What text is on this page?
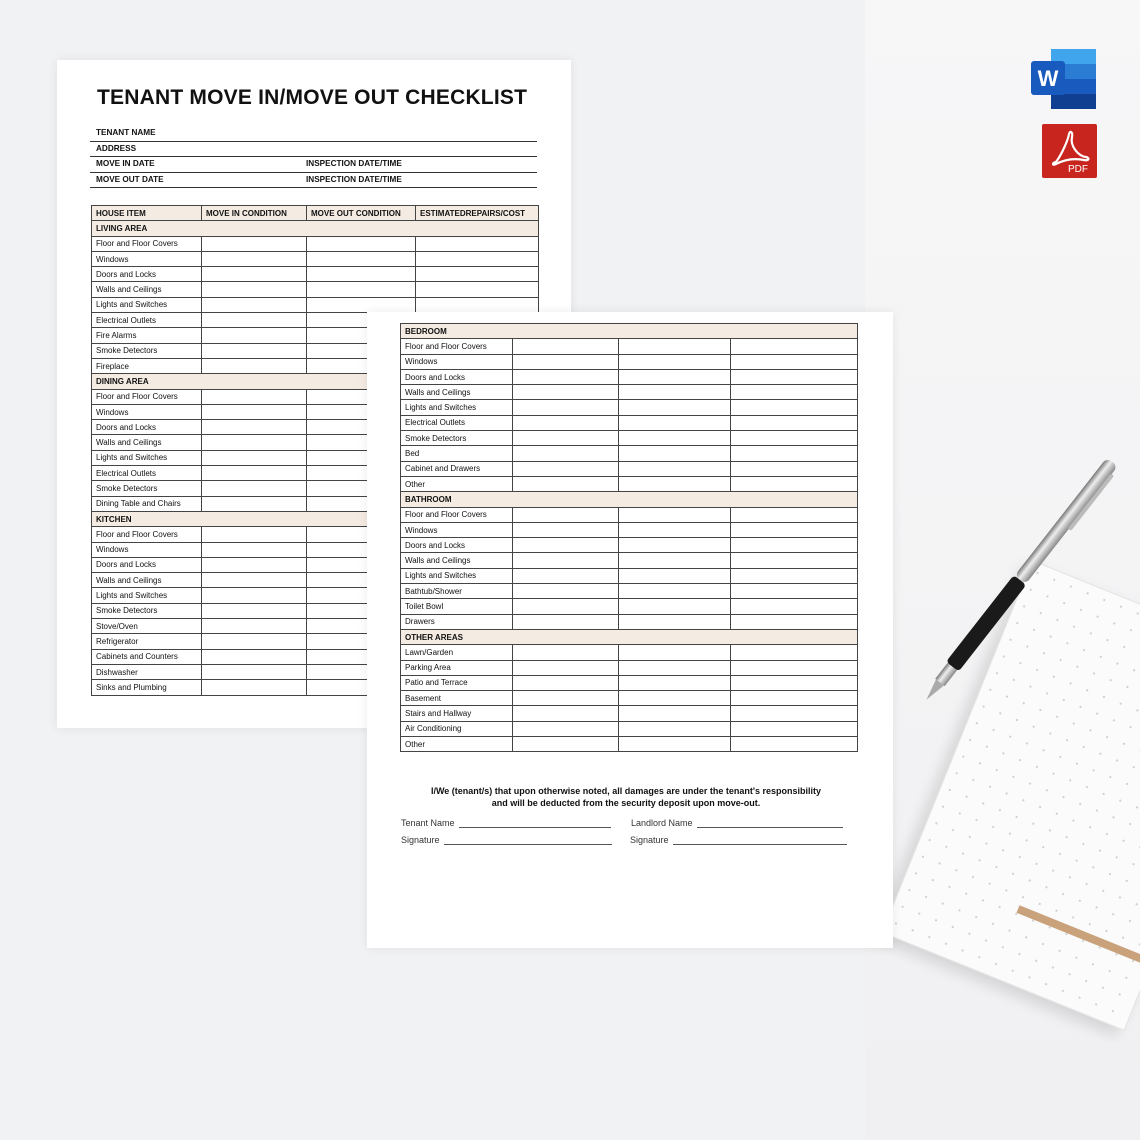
TENANT MOVE IN/MOVE OUT CHECKLIST
TENANT NAME
ADDRESS
MOVE IN DATE	INSPECTION DATE/TIME
MOVE OUT DATE	INSPECTION DATE/TIME
HOUSE ITEM	MOVE IN CONDITION	MOVE OUT CONDITION	ESTIMATEDREPAIRS/COST
LIVING AREA			
Floor and Floor Covers			
Windows			
Doors and Locks			
Walls and Ceilings			
Lights and Switches			
Electrical Outlets			
Fire Alarms			
Smoke Detectors			
Fireplace			
DINING AREA			
Floor and Floor Covers			
Windows			
Doors and Locks			
Walls and Ceilings			
Lights and Switches			
Electrical Outlets			
Smoke Detectors			
Dining Table and Chairs			
KITCHEN			
Floor and Floor Covers			
Windows			
Doors and Locks			
Walls and Ceilings			
Lights and Switches			
Smoke Detectors			
Stove/Oven			
Refrigerator			
Cabinets and Counters			
Dishwasher			
Sinks and Plumbing			
BEDROOM			
Floor and Floor Covers			
Windows			
Doors and Locks			
Walls and Ceilings			
Lights and Switches			
Electrical Outlets			
Smoke Detectors			
Bed			
Cabinet and Drawers			
Other			
BATHROOM			
Floor and Floor Covers			
Windows			
Doors and Locks			
Walls and Ceilings			
Lights and Switches			
Bathtub/Shower			
Toilet Bowl			
Drawers			
OTHER AREAS			
Lawn/Garden			
Parking Area			
Patio and Terrace			
Basement			
Stairs and Hallway			
Air Conditioning			
Other			
I/We (tenant/s) that upon otherwise noted, all damages are under the tenant's responsibility
and will be deducted from the security deposit upon move-out.
Tenant Name	Landlord Name
Signature	Signature
W
PDF
